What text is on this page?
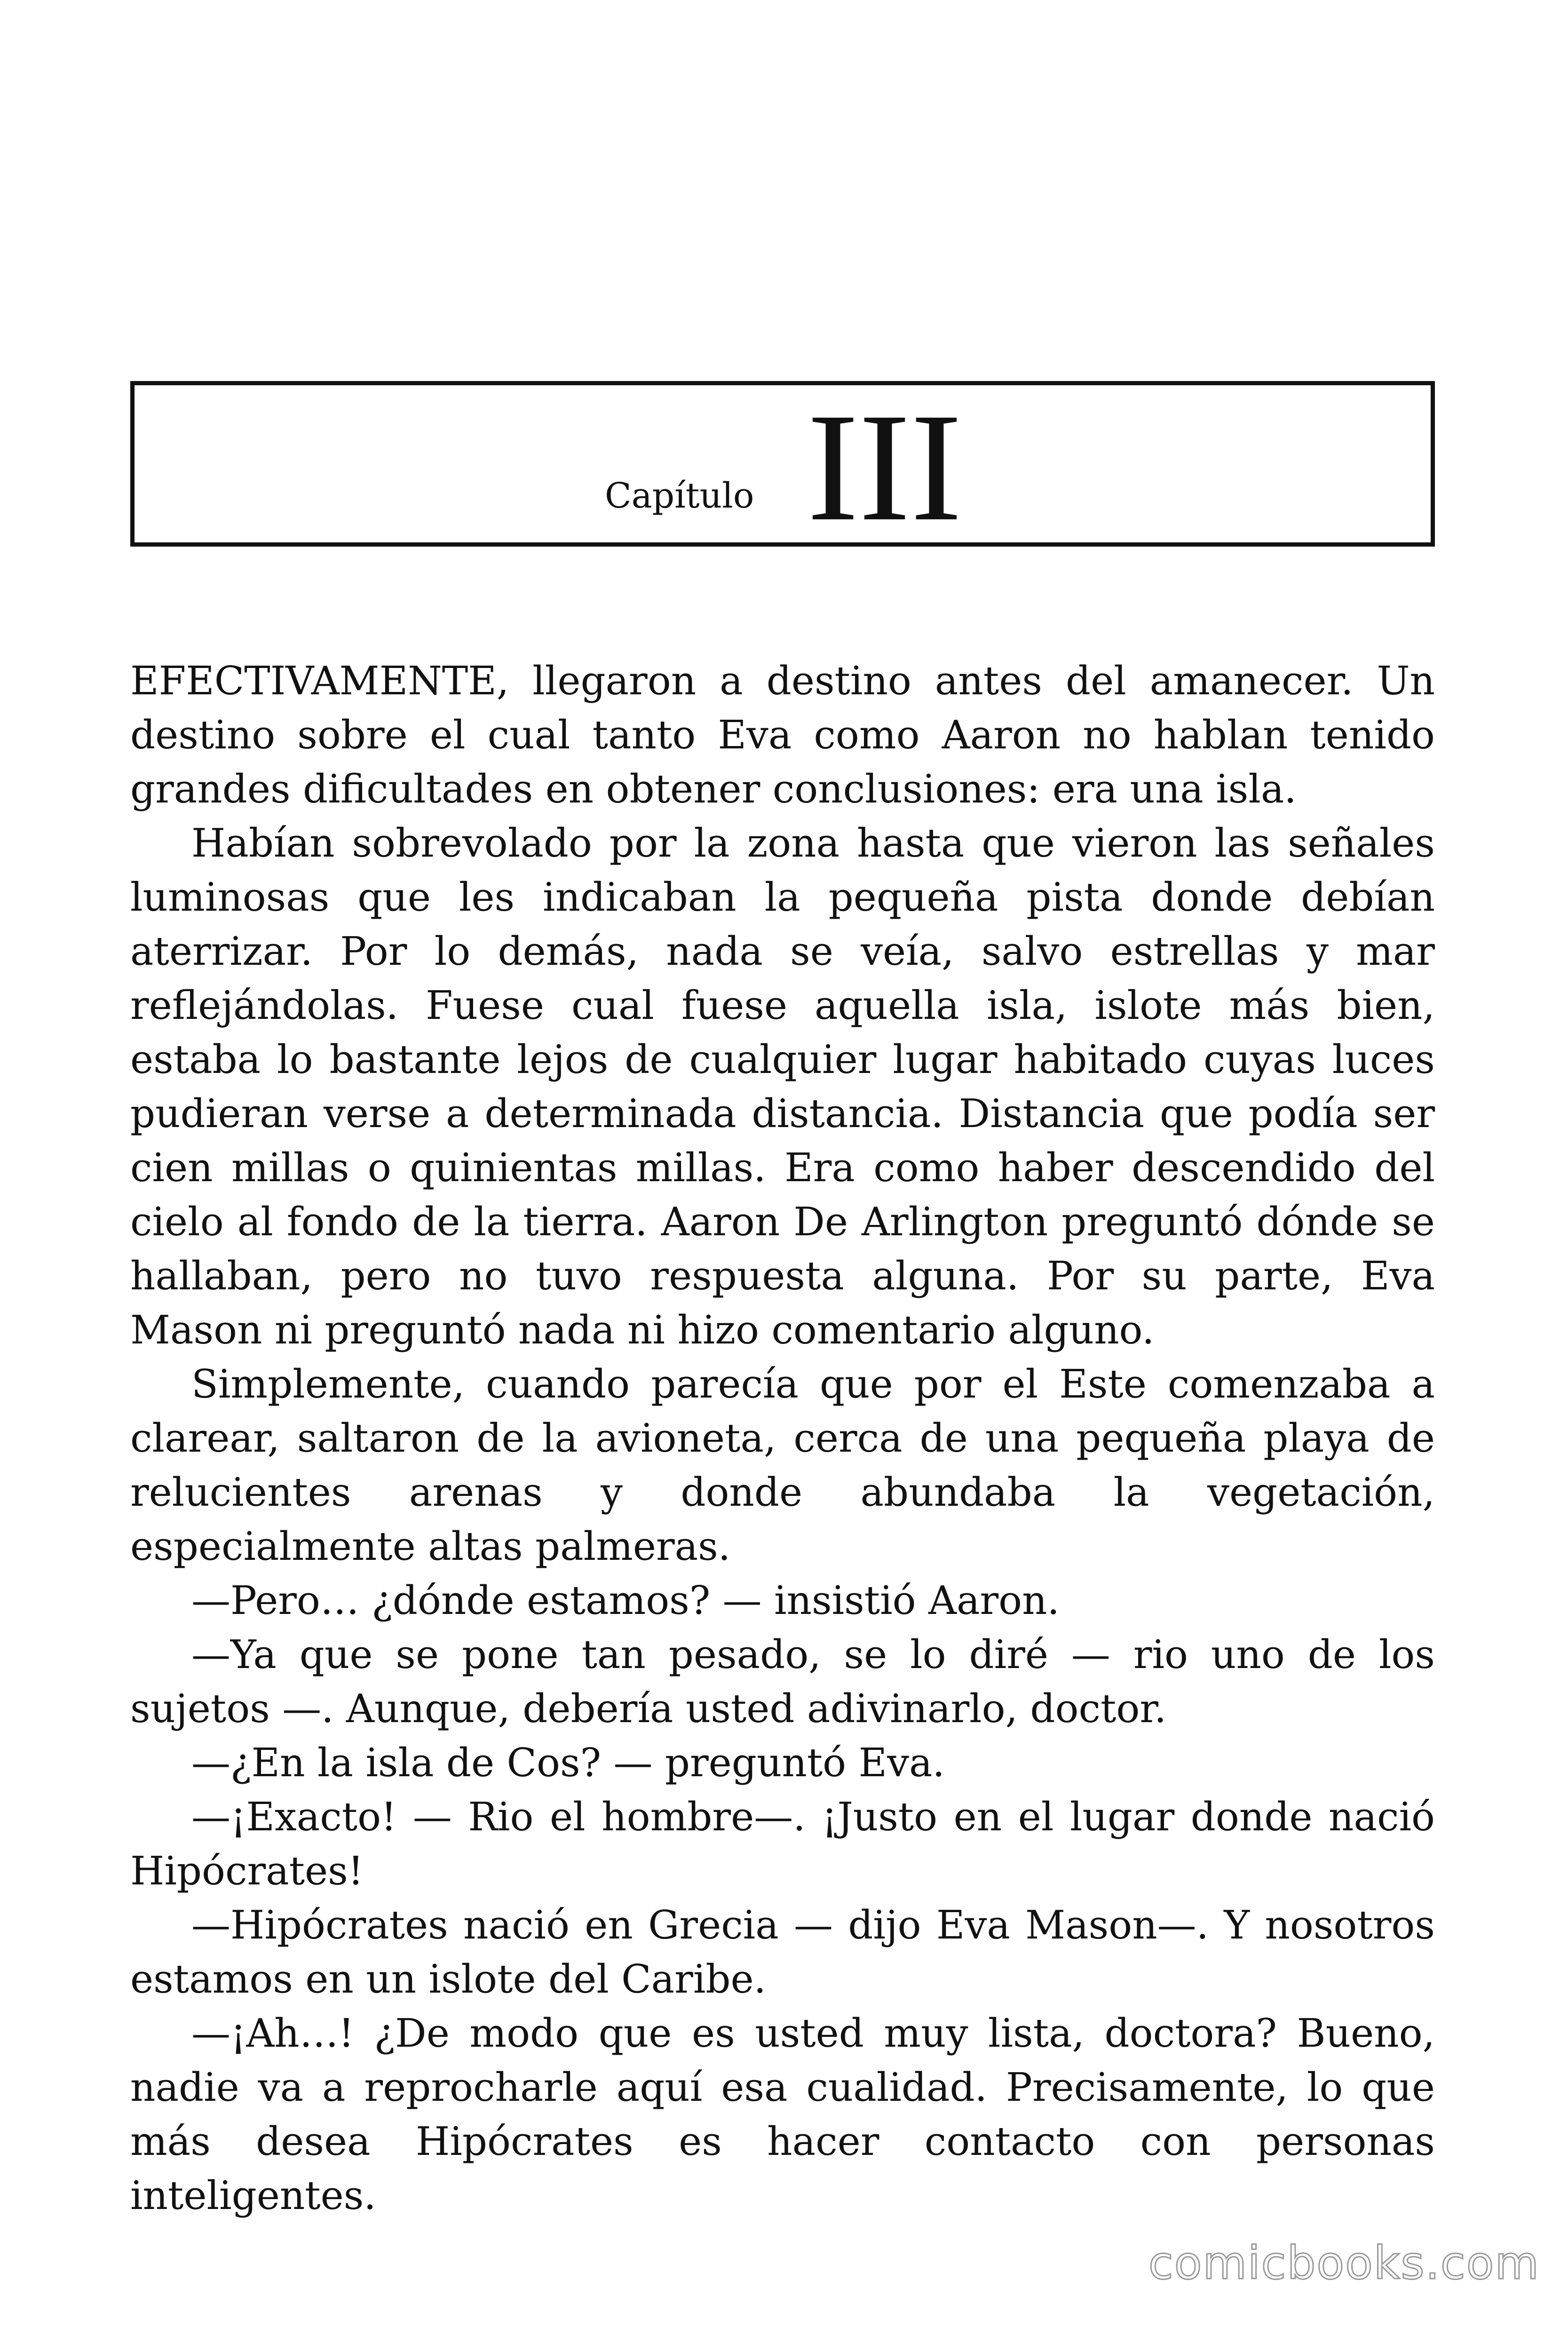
Capítulo III

EFECTIVAMENTE, llegaron a destino antes del amanecer. Un destino sobre el cual tanto Eva como Aaron no hablan tenido grandes dificultades en obtener conclusiones: era una isla.

Habían sobrevolado por la zona hasta que vieron las señales luminosas que les indicaban la pequeña pista donde debían aterrizar. Por lo demás, nada se veía, salvo estrellas y mar reflejándolas. Fuese cual fuese aquella isla, islote más bien, estaba lo bastante lejos de cualquier lugar habitado cuyas luces pudieran verse a determinada distancia. Distancia que podía ser cien millas o quinientas millas. Era como haber descendido del cielo al fondo de la tierra. Aaron De Arlington preguntó dónde se hallaban, pero no tuvo respuesta alguna. Por su parte, Eva Mason ni preguntó nada ni hizo comentario alguno.

Simplemente, cuando parecía que por el Este comenzaba a clarear, saltaron de la avioneta, cerca de una pequeña playa de relucientes arenas y donde abundaba la vegetación, especialmente altas palmeras.

—Pero… ¿dónde estamos? — insistió Aaron.

—Ya que se pone tan pesado, se lo diré — rio uno de los sujetos —. Aunque, debería usted adivinarlo, doctor.

—¿En la isla de Cos? — preguntó Eva.

—¡Exacto! — Rio el hombre—. ¡Justo en el lugar donde nació Hipócrates!

—Hipócrates nació en Grecia — dijo Eva Mason—. Y nosotros estamos en un islote del Caribe.

—¡Ah…! ¿De modo que es usted muy lista, doctora? Bueno, nadie va a reprocharle aquí esa cualidad. Precisamente, lo que más desea Hipócrates es hacer contacto con personas inteligentes.

comicbooks.com
